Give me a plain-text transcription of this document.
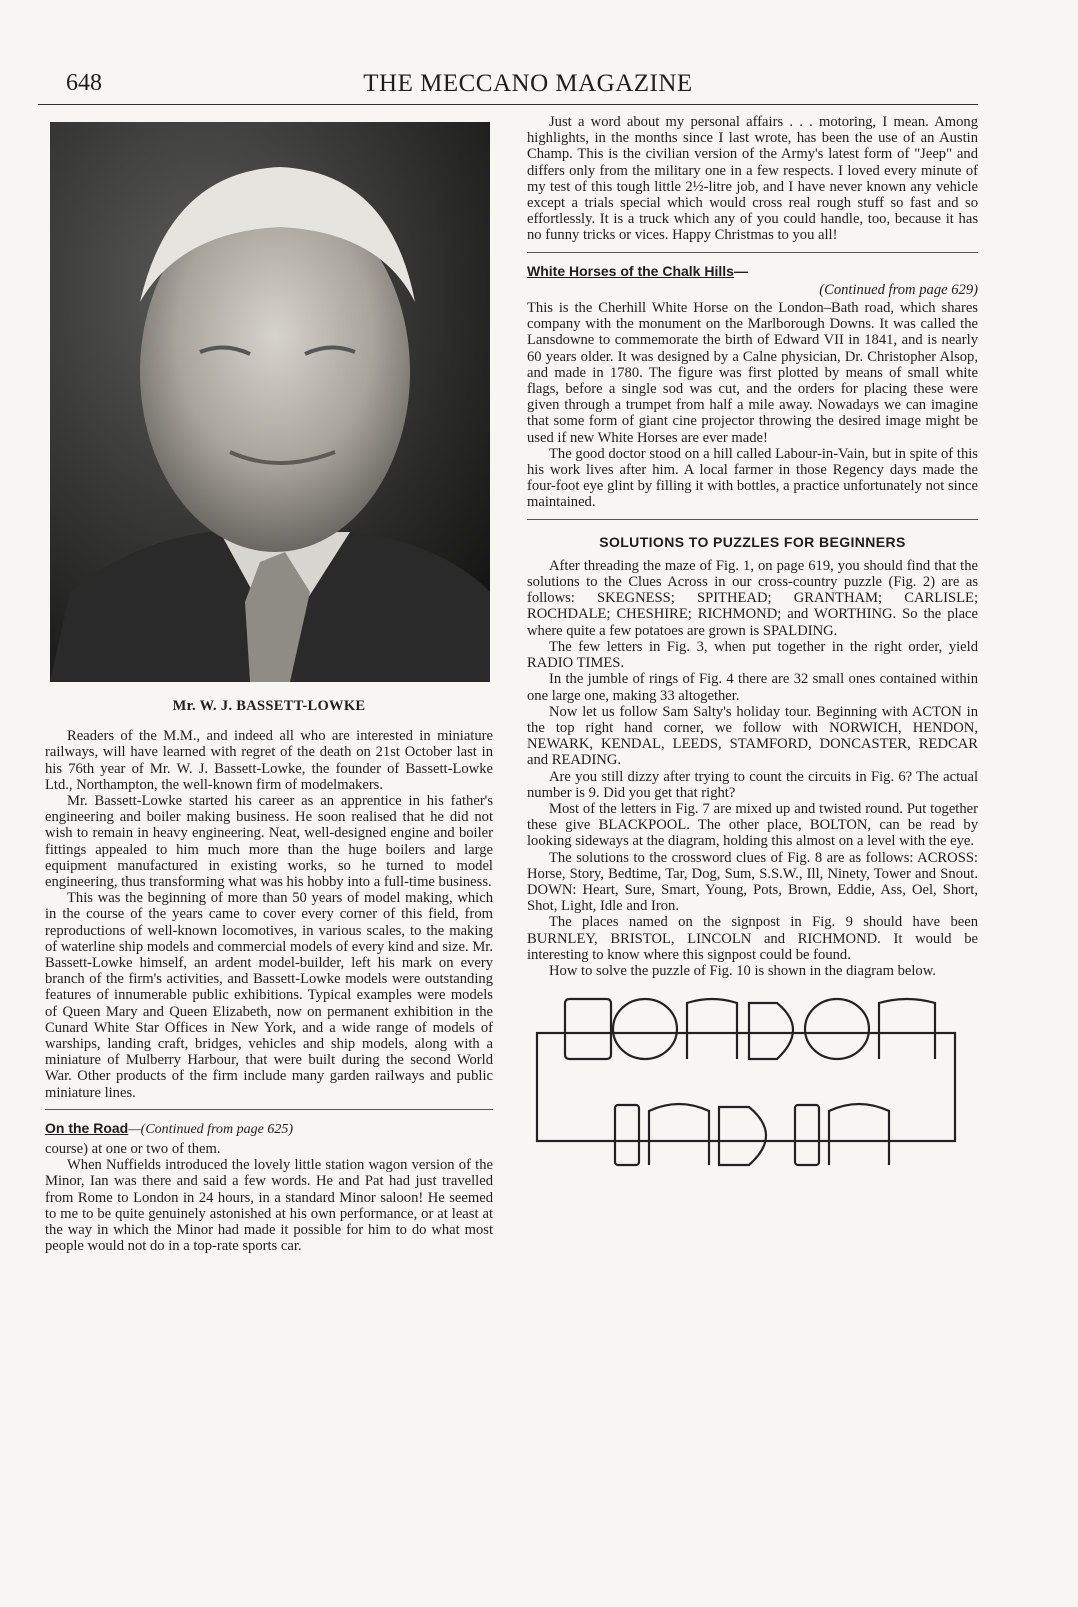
648	THE MECCANO MAGAZINE
Mr. W. J. BASSETT-LOWKE

Readers of the M.M., and indeed all who are interested in miniature railways, will have learned with regret of the death on 21st October last in his 76th year of Mr. W. J. Bassett-Lowke, the founder of Bassett-Lowke Ltd., Northampton, the well-known firm of modelmakers.

Mr. Bassett-Lowke started his career as an apprentice in his father's engineering and boiler making business. He soon realised that he did not wish to remain in heavy engineering. Neat, well-designed engine and boiler fittings appealed to him much more than the huge boilers and large equipment manufactured in existing works, so he turned to model engineering, thus transforming what was his hobby into a full-time business.

This was the beginning of more than 50 years of model making, which in the course of the years came to cover every corner of this field, from reproductions of well-known locomotives, in various scales, to the making of waterline ship models and commercial models of every kind and size. Mr. Bassett-Lowke himself, an ardent model-builder, left his mark on every branch of the firm's activities, and Bassett-Lowke models were outstanding features of innumerable public exhibitions. Typical examples were models of Queen Mary and Queen Elizabeth, now on permanent exhibition in the Cunard White Star Offices in New York, and a wide range of models of warships, landing craft, bridges, vehicles and ship models, along with a miniature of Mulberry Harbour, that were built during the second World War. Other products of the firm include many garden railways and public miniature lines.

On the Road—(Continued from page 625)

course) at one or two of them.

When Nuffields introduced the lovely little station wagon version of the Minor, Ian was there and said a few words. He and Pat had just travelled from Rome to London in 24 hours, in a standard Minor saloon! He seemed to me to be quite genuinely astonished at his own performance, or at least at the way in which the Minor had made it possible for him to do what most people would not do in a top-rate sports car.

Just a word about my personal affairs . . . motoring, I mean. Among highlights, in the months since I last wrote, has been the use of an Austin Champ. This is the civilian version of the Army's latest form of "Jeep" and differs only from the military one in a few respects. I loved every minute of my test of this tough little 2½-litre job, and I have never known any vehicle except a trials special which would cross real rough stuff so fast and so effortlessly. It is a truck which any of you could handle, too, because it has no funny tricks or vices. Happy Christmas to you all!

White Horses of the Chalk Hills—
(Continued from page 629)

This is the Cherhill White Horse on the London–Bath road, which shares company with the monument on the Marlborough Downs. It was called the Lansdowne to commemorate the birth of Edward VII in 1841, and is nearly 60 years older. It was designed by a Calne physician, Dr. Christopher Alsop, and made in 1780. The figure was first plotted by means of small white flags, before a single sod was cut, and the orders for placing these were given through a trumpet from half a mile away. Nowadays we can imagine that some form of giant cine projector throwing the desired image might be used if new White Horses are ever made!

The good doctor stood on a hill called Labour-in-Vain, but in spite of this his work lives after him. A local farmer in those Regency days made the four-foot eye glint by filling it with bottles, a practice unfortunately not since maintained.

SOLUTIONS TO PUZZLES FOR BEGINNERS

After threading the maze of Fig. 1, on page 619, you should find that the solutions to the Clues Across in our cross-country puzzle (Fig. 2) are as follows: SKEGNESS; SPITHEAD; GRANTHAM; CARLISLE; ROCHDALE; CHESHIRE; RICHMOND; and WORTHING. So the place where quite a few potatoes are grown is SPALDING.

The few letters in Fig. 3, when put together in the right order, yield RADIO TIMES.

In the jumble of rings of Fig. 4 there are 32 small ones contained within one large one, making 33 altogether.

Now let us follow Sam Salty's holiday tour. Beginning with ACTON in the top right hand corner, we follow with NORWICH, HENDON, NEWARK, KENDAL, LEEDS, STAMFORD, DONCASTER, REDCAR and READING.

Are you still dizzy after trying to count the circuits in Fig. 6? The actual number is 9. Did you get that right?

Most of the letters in Fig. 7 are mixed up and twisted round. Put together these give BLACKPOOL. The other place, BOLTON, can be read by looking sideways at the diagram, holding this almost on a level with the eye.

The solutions to the crossword clues of Fig. 8 are as follows: ACROSS: Horse, Story, Bedtime, Tar, Dog, Sum, S.S.W., Ill, Ninety, Tower and Snout. DOWN: Heart, Sure, Smart, Young, Pots, Brown, Eddie, Ass, Oel, Short, Shot, Light, Idle and Iron.

The places named on the signpost in Fig. 9 should have been BURNLEY, BRISTOL, LINCOLN and RICHMOND. It would be interesting to know where this signpost could be found.

How to solve the puzzle of Fig. 10 is shown in the diagram below.
